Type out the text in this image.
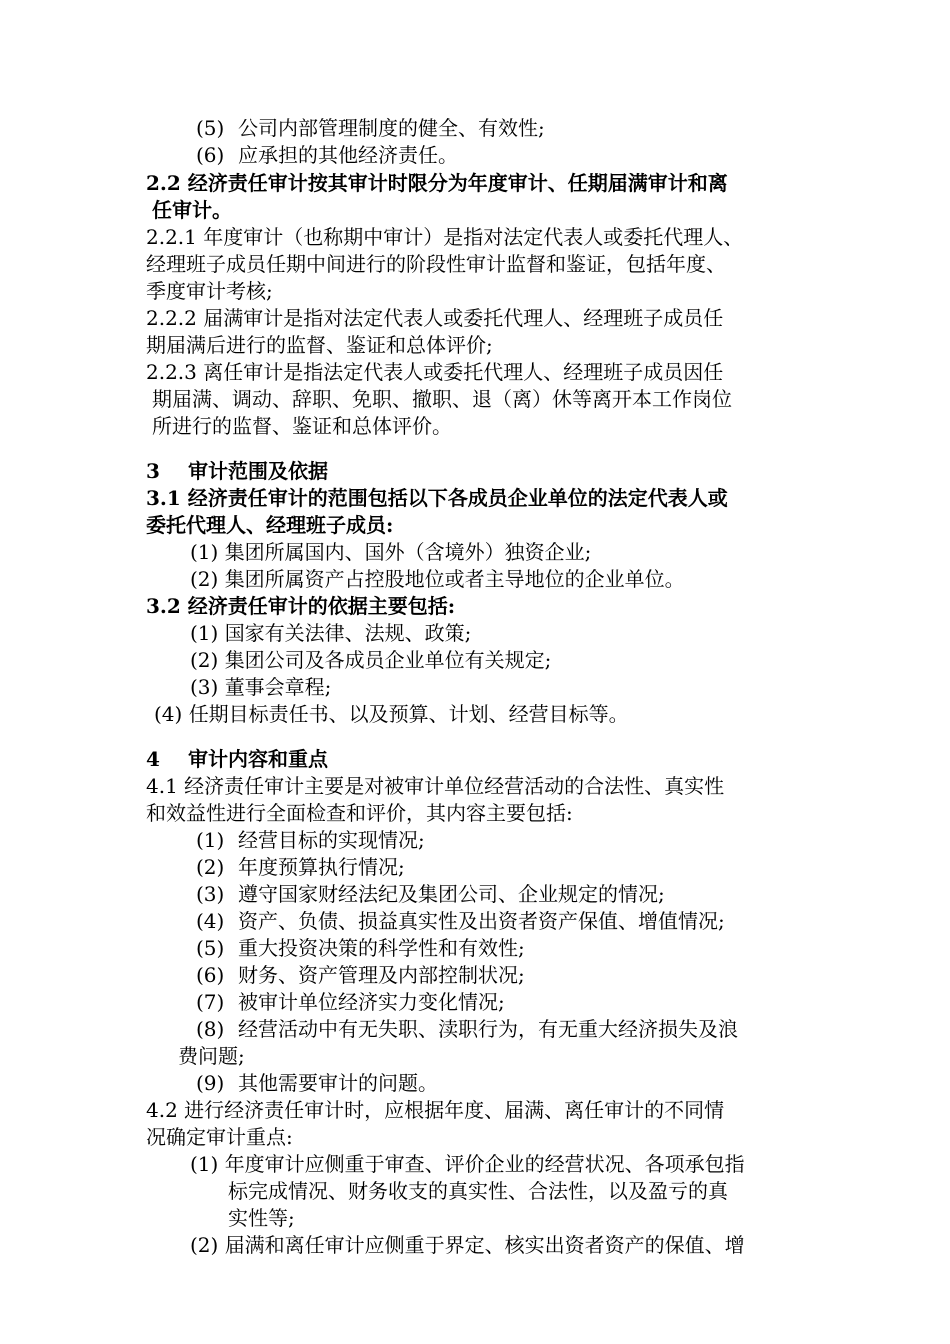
(5) 公司内部管理制度的健全、有效性;
(6) 应承担的其他经济责任。
2.2 经济责任审计按其审计时限分为年度审计、任期届满审计和离
任审计。
2.2.1 年度审计（也称期中审计）是指对法定代表人或委托代理人、
经理班子成员任期中间进行的阶段性审计监督和鉴证，包括年度、
季度审计考核;
2.2.2 届满审计是指对法定代表人或委托代理人、经理班子成员任
期届满后进行的监督、鉴证和总体评价;
2.2.3 离任审计是指法定代表人或委托代理人、经理班子成员因任
期届满、调动、辞职、免职、撤职、退（离）休等离开本工作岗位
所进行的监督、鉴证和总体评价。
3 审计范围及依据
3.1 经济责任审计的范围包括以下各成员企业单位的法定代表人或
委托代理人、经理班子成员:
(1) 集团所属国内、国外（含境外）独资企业;
(2) 集团所属资产占控股地位或者主导地位的企业单位。
3.2 经济责任审计的依据主要包括:
(1) 国家有关法律、法规、政策;
(2) 集团公司及各成员企业单位有关规定;
(3) 董事会章程;
(4) 任期目标责任书、以及预算、计划、经营目标等。
4 审计内容和重点
4.1 经济责任审计主要是对被审计单位经营活动的合法性、真实性
和效益性进行全面检查和评价，其内容主要包括:
(1) 经营目标的实现情况;
(2) 年度预算执行情况;
(3) 遵守国家财经法纪及集团公司、企业规定的情况;
(4) 资产、负债、损益真实性及出资者资产保值、增值情况;
(5) 重大投资决策的科学性和有效性;
(6) 财务、资产管理及内部控制状况;
(7) 被审计单位经济实力变化情况;
(8) 经营活动中有无失职、渎职行为，有无重大经济损失及浪
费问题;
(9) 其他需要审计的问题。
4.2 进行经济责任审计时，应根据年度、届满、离任审计的不同情
况确定审计重点:
(1) 年度审计应侧重于审查、评价企业的经营状况、各项承包指
标完成情况、财务收支的真实性、合法性，以及盈亏的真
实性等;
(2) 届满和离任审计应侧重于界定、核实出资者资产的保值、增
